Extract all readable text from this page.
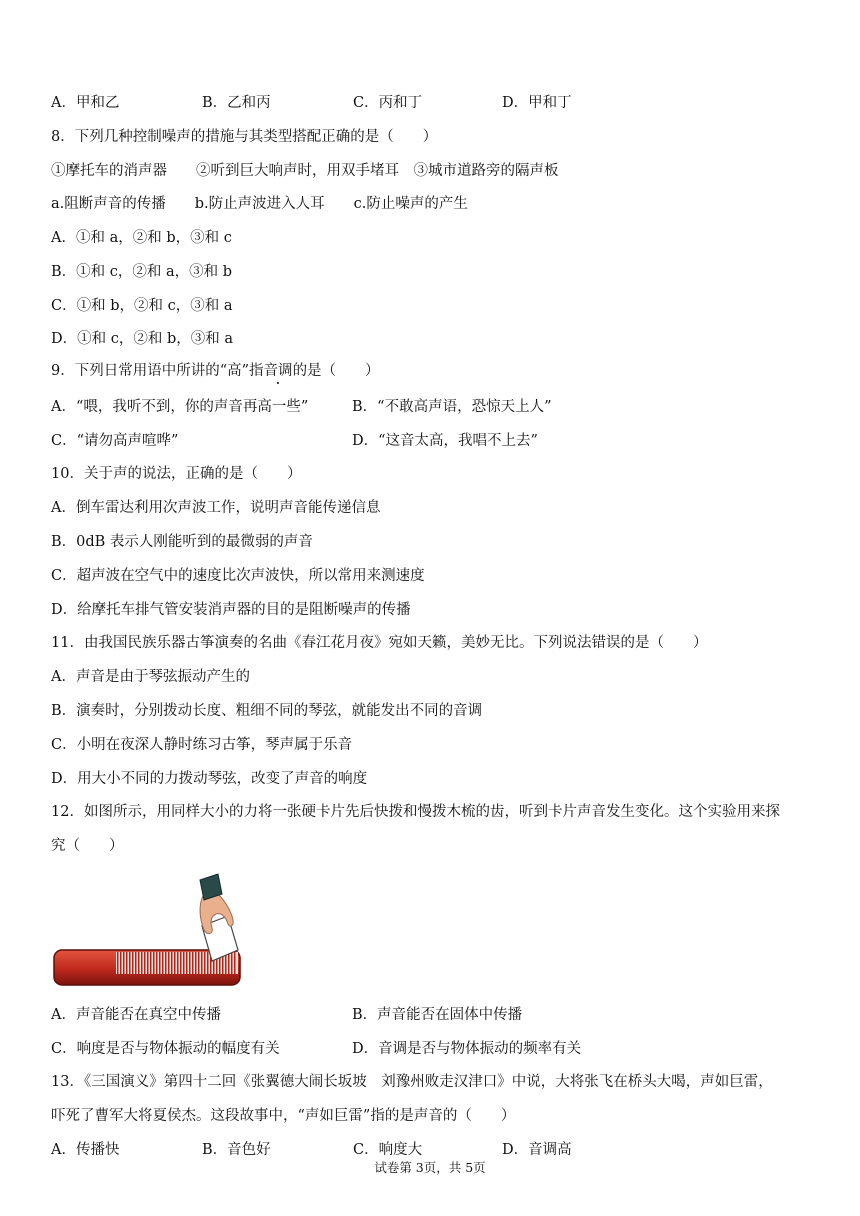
A．甲和乙	B．乙和丙	C．丙和丁	D．甲和丁
8．下列几种控制噪声的措施与其类型搭配正确的是（　　）
①摩托车的消声器　　②听到巨大响声时，用双手堵耳　③城市道路旁的隔声板
a.阻断声音的传播　　b.防止声波进入人耳　　c.防止噪声的产生
A．①和 a，②和 b，③和 c
B．①和 c，②和 a，③和 b
C．①和 b，②和 c，③和 a
D．①和 c，②和 b，③和 a
9．下列日常用语中所讲的“高”指音调的是（　　）
A．“喂，我听不到，你的声音再高一些”	B．“不敢高声语，恐惊天上人”
C．“请勿高声喧哗”	D．“这音太高，我唱不上去”
10．关于声的说法，正确的是（　　）
A．倒车雷达利用次声波工作，说明声音能传递信息
B．0dB 表示人刚能听到的最微弱的声音
C．超声波在空气中的速度比次声波快，所以常用来测速度
D．给摩托车排气管安装消声器的目的是阻断噪声的传播
11．由我国民族乐器古筝演奏的名曲《春江花月夜》宛如天籁，美妙无比。下列说法错误的是（　　）
A．声音是由于琴弦振动产生的
B．演奏时，分别拨动长度、粗细不同的琴弦，就能发出不同的音调
C．小明在夜深人静时练习古筝，琴声属于乐音
D．用大小不同的力拨动琴弦，改变了声音的响度
12．如图所示，用同样大小的力将一张硬卡片先后快拨和慢拨木梳的齿，听到卡片声音发生变化。这个实验用来探
究（　　）
A．声音能否在真空中传播	B．声音能否在固体中传播
C．响度是否与物体振动的幅度有关	D．音调是否与物体振动的频率有关
13．《三国演义》第四十二回《张翼德大闹长坂坡　刘豫州败走汉津口》中说，大将张飞在桥头大喝，声如巨雷，
吓死了曹军大将夏侯杰。这段故事中，“声如巨雷”指的是声音的（　　）
A．传播快	B．音色好	C．响度大	D．音调高
试卷第 3页，共 5页
